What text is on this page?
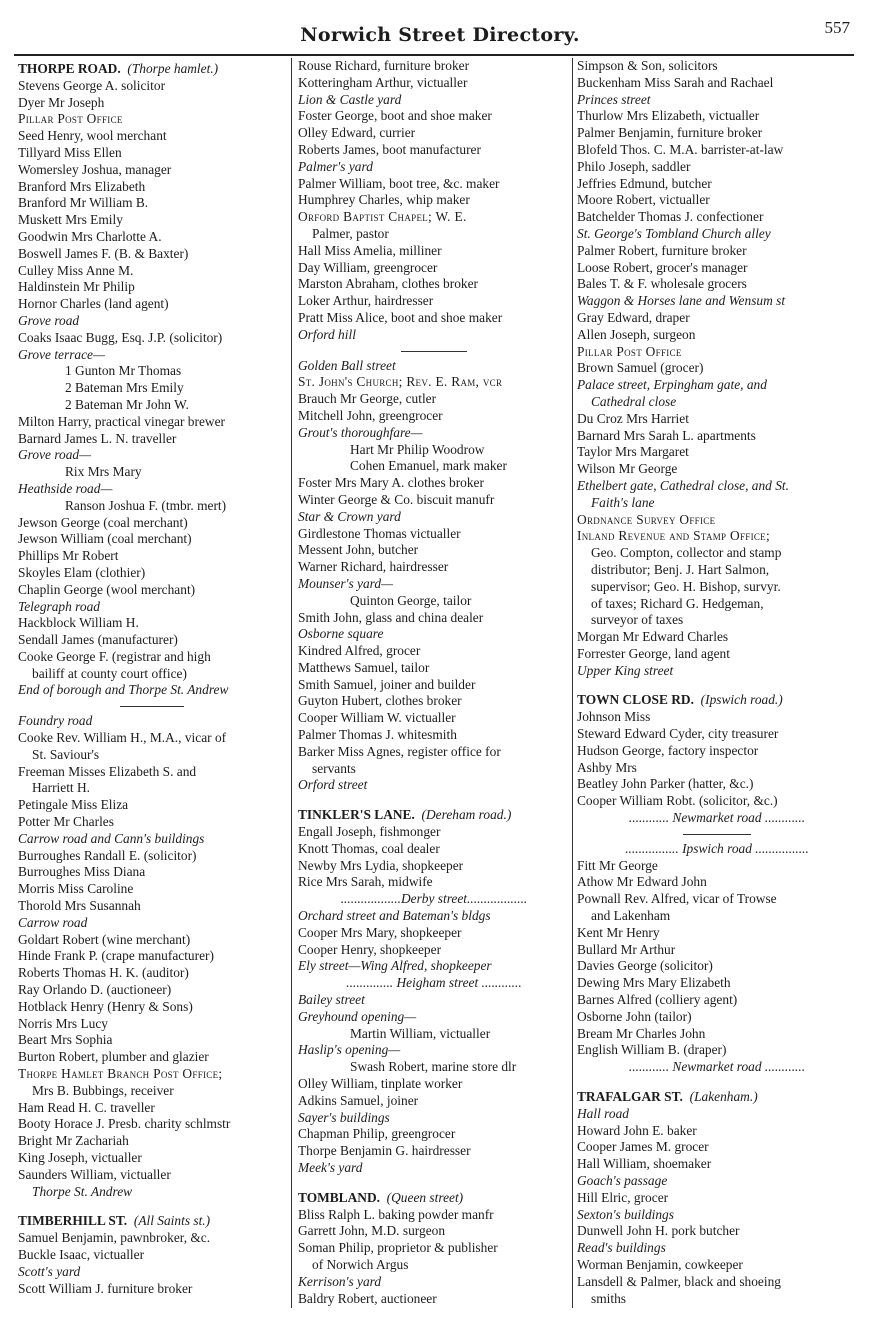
Norwich Street Directory.	557
THORPE ROAD. (Thorpe hamlet.)
Stevens George A. solicitor
Dyer Mr Joseph
Pillar Post Office
Seed Henry, wool merchant
Tillyard Miss Ellen
Womersley Joshua, manager
Branford Mrs Elizabeth
Branford Mr William B.
Muskett Mrs Emily
Goodwin Mrs Charlotte A.
Boswell James F. (B. & Baxter)
Culley Miss Anne M.
Haldinstein Mr Philip
Hornor Charles (land agent)
Grove road
Coaks Isaac Bugg, Esq. J.P. (solicitor)
Grove terrace—
1 Gunton Mr Thomas
2 Bateman Mrs Emily
2 Bateman Mr John W.
Milton Harry, practical vinegar brewer
Barnard James L. N. traveller
Grove road—
Rix Mrs Mary
Heathside road—
Ranson Joshua F. (tmbr. mert)
Jewson George (coal merchant)
Jewson William (coal merchant)
Phillips Mr Robert
Skoyles Elam (clothier)
Chaplin George (wool merchant)
Telegraph road
Hackblock William H.
Sendall James (manufacturer)
Cooke George F. (registrar and high
bailiff at county court office)
End of borough and Thorpe St. Andrew
Foundry road
Cooke Rev. William H., M.A., vicar of
St. Saviour's
Freeman Misses Elizabeth S. and
Harriett H.
Petingale Miss Eliza
Potter Mr Charles
Carrow road and Cann's buildings
Burroughes Randall E. (solicitor)
Burroughes Miss Diana
Morris Miss Caroline
Thorold Mrs Susannah
Carrow road
Goldart Robert (wine merchant)
Hinde Frank P. (crape manufacturer)
Roberts Thomas H. K. (auditor)
Ray Orlando D. (auctioneer)
Hotblack Henry (Henry & Sons)
Norris Mrs Lucy
Beart Mrs Sophia
Burton Robert, plumber and glazier
Thorpe Hamlet Branch Post Office;
Mrs B. Bubbings, receiver
Ham Read H. C. traveller
Booty Horace J. Presb. charity schlmstr
Bright Mr Zachariah
King Joseph, victualler
Saunders William, victualler
Thorpe St. Andrew
TIMBERHILL ST. (All Saints st.)
Samuel Benjamin, pawnbroker, &c.
Buckle Isaac, victualler
Scott's yard
Scott William J. furniture broker
Rouse Richard, furniture broker
Kotteringham Arthur, victualler
Lion & Castle yard
Foster George, boot and shoe maker
Olley Edward, currier
Roberts James, boot manufacturer
Palmer's yard
Palmer William, boot tree, &c. maker
Humphrey Charles, whip maker
Orford Baptist Chapel; W. E.
Palmer, pastor
Hall Miss Amelia, milliner
Day William, greengrocer
Marston Abraham, clothes broker
Loker Arthur, hairdresser
Pratt Miss Alice, boot and shoe maker
Orford hill
Golden Ball street
St. John's Church; Rev. E. Ram, vcr
Brauch Mr George, cutler
Mitchell John, greengrocer
Grout's thoroughfare—
Hart Mr Philip Woodrow
Cohen Emanuel, mark maker
Foster Mrs Mary A. clothes broker
Winter George & Co. biscuit manufr
Star & Crown yard
Girdlestone Thomas victualler
Messent John, butcher
Warner Richard, hairdresser
Mounser's yard—
Quinton George, tailor
Smith John, glass and china dealer
Osborne square
Kindred Alfred, grocer
Matthews Samuel, tailor
Smith Samuel, joiner and builder
Guyton Hubert, clothes broker
Cooper William W. victualler
Palmer Thomas J. whitesmith
Barker Miss Agnes, register office for
servants
Orford street
TINKLER'S LANE. (Dereham road.)
Engall Joseph, fishmonger
Knott Thomas, coal dealer
Newby Mrs Lydia, shopkeeper
Rice Mrs Sarah, midwife
..................Derby street..................
Orchard street and Bateman's bldgs
Cooper Mrs Mary, shopkeeper
Cooper Henry, shopkeeper
Ely street—Wing Alfred, shopkeeper
.............. Heigham street ............
Bailey street
Greyhound opening—
Martin William, victualler
Haslip's opening—
Swash Robert, marine store dlr
Olley William, tinplate worker
Adkins Samuel, joiner
Sayer's buildings
Chapman Philip, greengrocer
Thorpe Benjamin G. hairdresser
Meek's yard
TOMBLAND. (Queen street)
Bliss Ralph L. baking powder manfr
Garrett John, M.D. surgeon
Soman Philip, proprietor & publisher
of Norwich Argus
Kerrison's yard
Baldry Robert, auctioneer
Simpson & Son, solicitors
Buckenham Miss Sarah and Rachael
Princes street
Thurlow Mrs Elizabeth, victualler
Palmer Benjamin, furniture broker
Blofeld Thos. C. M.A. barrister-at-law
Philo Joseph, saddler
Jeffries Edmund, butcher
Moore Robert, victualler
Batchelder Thomas J. confectioner
St. George's Tombland Church alley
Palmer Robert, furniture broker
Loose Robert, grocer's manager
Bales T. & F. wholesale grocers
Waggon & Horses lane and Wensum st
Gray Edward, draper
Allen Joseph, surgeon
Pillar Post Office
Brown Samuel (grocer)
Palace street, Erpingham gate, and
Cathedral close
Du Croz Mrs Harriet
Barnard Mrs Sarah L. apartments
Taylor Mrs Margaret
Wilson Mr George
Ethelbert gate, Cathedral close, and St.
Faith's lane
Ordnance Survey Office
Inland Revenue and Stamp Office;
Geo. Compton, collector and stamp
distributor; Benj. J. Hart Salmon,
supervisor; Geo. H. Bishop, survyr.
of taxes; Richard G. Hedgeman,
surveyor of taxes
Morgan Mr Edward Charles
Forrester George, land agent
Upper King street
TOWN CLOSE RD. (Ipswich road.)
Johnson Miss
Steward Edward Cyder, city treasurer
Hudson George, factory inspector
Ashby Mrs
Beatley John Parker (hatter, &c.)
Cooper William Robt. (solicitor, &c.)
............ Newmarket road ............
................ Ipswich road ................
Fitt Mr George
Athow Mr Edward John
Pownall Rev. Alfred, vicar of Trowse
and Lakenham
Kent Mr Henry
Bullard Mr Arthur
Davies George (solicitor)
Dewing Mrs Mary Elizabeth
Barnes Alfred (colliery agent)
Osborne John (tailor)
Bream Mr Charles John
English William B. (draper)
............ Newmarket road ............
TRAFALGAR ST. (Lakenham.)
Hall road
Howard John E. baker
Cooper James M. grocer
Hall William, shoemaker
Goach's passage
Hill Elric, grocer
Sexton's buildings
Dunwell John H. pork butcher
Read's buildings
Worman Benjamin, cowkeeper
Lansdell & Palmer, black and shoeing
smiths
